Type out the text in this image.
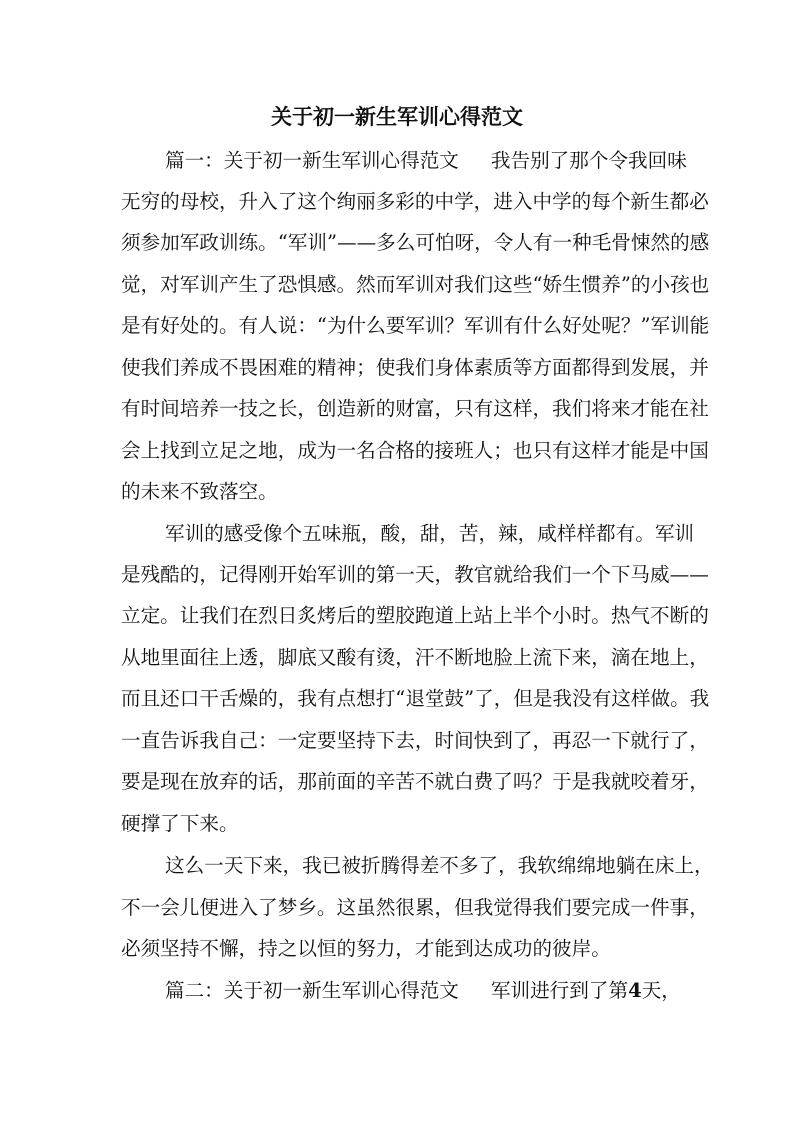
关于初一新生军训心得范文
篇一：关于初一新生军训心得范文 我告别了那个令我回味
无穷的母校，升入了这个绚丽多彩的中学，进入中学的每个新生都必
须参加军政训练。“军训”——多么可怕呀，令人有一种毛骨悚然的感
觉，对军训产生了恐惧感。然而军训对我们这些“娇生惯养”的小孩也
是有好处的。有人说：“为什么要军训？军训有什么好处呢？”军训能
使我们养成不畏困难的精神；使我们身体素质等方面都得到发展，并
有时间培养一技之长，创造新的财富，只有这样，我们将来才能在社
会上找到立足之地，成为一名合格的接班人；也只有这样才能是中国
的未来不致落空。
军训的感受像个五味瓶，酸，甜，苦，辣，咸样样都有。军训
是残酷的，记得刚开始军训的第一天，教官就给我们一个下马威——
立定。让我们在烈日炙烤后的塑胶跑道上站上半个小时。热气不断的
从地里面往上透，脚底又酸有烫，汗不断地脸上流下来，滴在地上，
而且还口干舌燥的，我有点想打“退堂鼓”了，但是我没有这样做。我
一直告诉我自己：一定要坚持下去，时间快到了，再忍一下就行了，
要是现在放弃的话，那前面的辛苦不就白费了吗？于是我就咬着牙，
硬撑了下来。
这么一天下来，我已被折腾得差不多了，我软绵绵地躺在床上，
不一会儿便进入了梦乡。这虽然很累，但我觉得我们要完成一件事，
必须坚持不懈，持之以恒的努力，才能到达成功的彼岸。
篇二：关于初一新生军训心得范文 军训进行到了第4天，
